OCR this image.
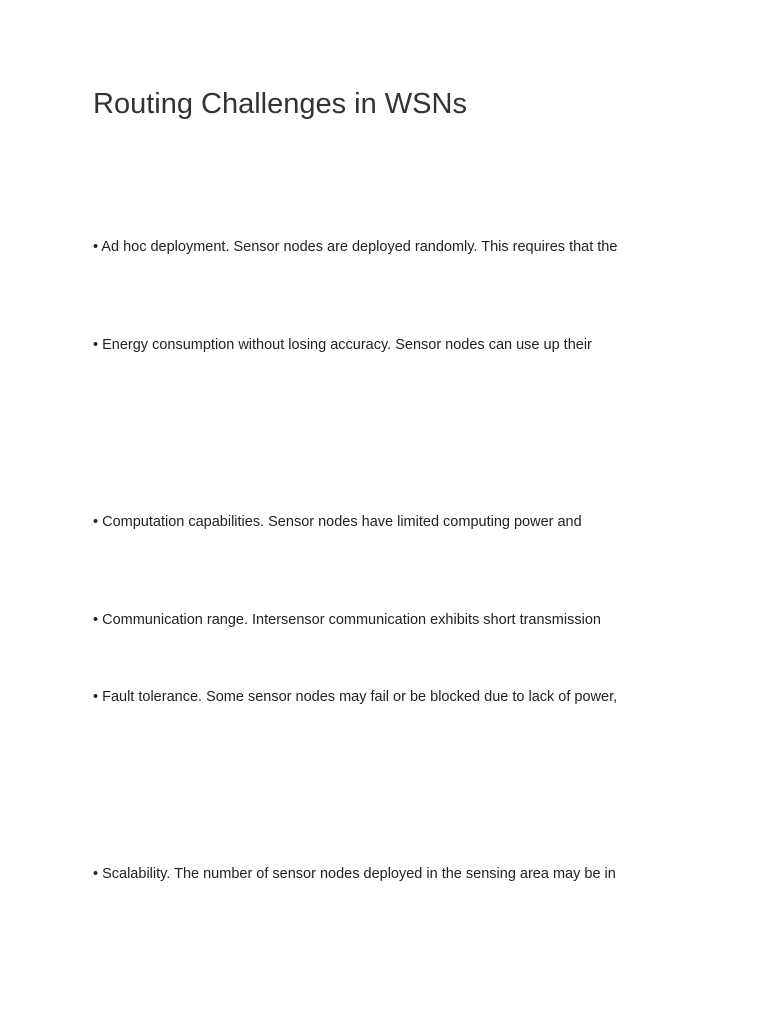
Routing Challenges in WSNs

• Ad hoc deployment. Sensor nodes are deployed randomly. This requires that the

• Energy consumption without losing accuracy. Sensor nodes can use up their

• Computation capabilities. Sensor nodes have limited computing power and

• Communication range. Intersensor communication exhibits short transmission

• Fault tolerance. Some sensor nodes may fail or be blocked due to lack of power,

• Scalability. The number of sensor nodes deployed in the sensing area may be in
